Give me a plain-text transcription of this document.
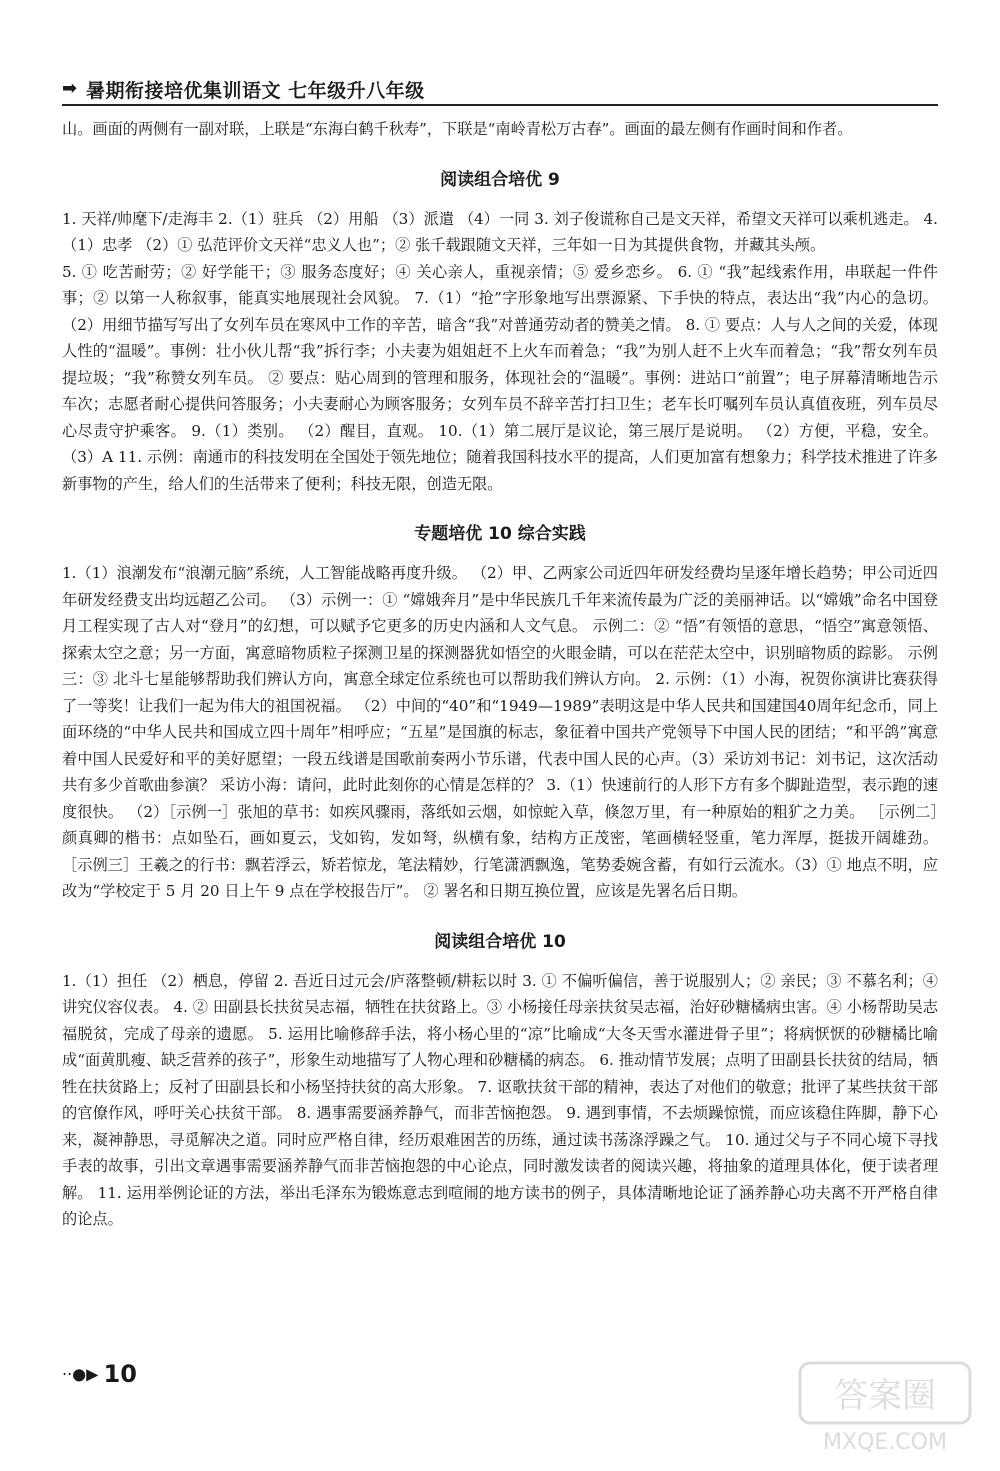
➡ 暑期衔接培优集训语文 七年级升八年级

山。画面的两侧有一副对联，上联是“东海白鹤千秋寿”，下联是“南岭青松万古春”。画面的最左侧有作画时间和作者。

阅读组合培优 9

1. 天祥/帅麾下/走海丰 2.（1）驻兵 （2）用船 （3）派遣 （4）一同 3. 刘子俊谎称自己是文天祥，希望文天祥可以乘机逃走。 4.（1）忠孝 （2）① 弘范评价文天祥“忠义人也”；② 张千载跟随文天祥，三年如一日为其提供食物，并藏其头颅。

5. ① 吃苦耐劳；② 好学能干；③ 服务态度好；④ 关心亲人，重视亲情；⑤ 爱乡恋乡。 6. ① “我”起线索作用，串联起一件件事；② 以第一人称叙事，能真实地展现社会风貌。 7.（1）“抢”字形象地写出票源紧、下手快的特点，表达出“我”内心的急切。（2）用细节描写写出了女列车员在寒风中工作的辛苦，暗含“我”对普通劳动者的赞美之情。 8. ① 要点：人与人之间的关爱，体现人性的“温暖”。事例：壮小伙儿帮“我”拆行李；小夫妻为姐姐赶不上火车而着急；“我”为别人赶不上火车而着急；“我”帮女列车员提垃圾；“我”称赞女列车员。 ② 要点：贴心周到的管理和服务，体现社会的“温暖”。事例：进站口“前置”；电子屏幕清晰地告示车次；志愿者耐心提供问答服务；小夫妻耐心为顾客服务；女列车员不辞辛苦打扫卫生；老车长叮嘱列车员认真值夜班，列车员尽心尽责守护乘客。 9.（1）类别。 （2）醒目，直观。 10.（1）第二展厅是议论，第三展厅是说明。 （2）方便，平稳，安全。（3）A 11. 示例：南通市的科技发明在全国处于领先地位；随着我国科技水平的提高，人们更加富有想象力；科学技术推进了许多新事物的产生，给人们的生活带来了便利；科技无限，创造无限。

专题培优 10 综合实践

1.（1）浪潮发布“浪潮元脑”系统，人工智能战略再度升级。 （2）甲、乙两家公司近四年研发经费均呈逐年增长趋势；甲公司近四年研发经费支出均远超乙公司。 （3）示例一：① “嫦娥奔月”是中华民族几千年来流传最为广泛的美丽神话。以“嫦娥”命名中国登月工程实现了古人对“登月”的幻想，可以赋予它更多的历史内涵和人文气息。 示例二：② “悟”有领悟的意思，“悟空”寓意领悟、探索太空之意；另一方面，寓意暗物质粒子探测卫星的探测器犹如悟空的火眼金睛，可以在茫茫太空中，识别暗物质的踪影。 示例三：③ 北斗七星能够帮助我们辨认方向，寓意全球定位系统也可以帮助我们辨认方向。 2. 示例：（1）小海，祝贺你演讲比赛获得了一等奖！让我们一起为伟大的祖国祝福。 （2）中间的“40”和“1949—1989”表明这是中华人民共和国建国40周年纪念币，同上面环绕的“中华人民共和国成立四十周年”相呼应；“五星”是国旗的标志，象征着中国共产党领导下中国人民的团结；“和平鸽”寓意着中国人民爱好和平的美好愿望；一段五线谱是国歌前奏两小节乐谱，代表中国人民的心声。（3）采访刘书记：刘书记，这次活动共有多少首歌曲参演？ 采访小海：请问，此时此刻你的心情是怎样的？ 3.（1）快速前行的人形下方有多个脚趾造型，表示跑的速度很快。 （2）［示例一］张旭的草书：如疾风骤雨，落纸如云烟，如惊蛇入草，倏忽万里，有一种原始的粗犷之力美。 ［示例二］颜真卿的楷书：点如坠石，画如夏云，戈如钩，发如弩，纵横有象，结构方正茂密，笔画横轻竖重，笔力浑厚，挺拔开阔雄劲。 ［示例三］王羲之的行书：飘若浮云，矫若惊龙，笔法精妙，行笔潇洒飘逸，笔势委婉含蓄，有如行云流水。（3）① 地点不明，应改为“学校定于 5 月 20 日上午 9 点在学校报告厅”。 ② 署名和日期互换位置，应该是先署名后日期。

阅读组合培优 10

1.（1）担任 （2）栖息，停留 2. 吾近日过元会/庐落整顿/耕耘以时 3. ① 不偏听偏信，善于说服别人；② 亲民；③ 不慕名利；④ 讲究仪容仪表。 4. ② 田副县长扶贫吴志福，牺牲在扶贫路上。③ 小杨接任母亲扶贫吴志福，治好砂糖橘病虫害。④ 小杨帮助吴志福脱贫，完成了母亲的遗愿。 5. 运用比喻修辞手法，将小杨心里的“凉”比喻成“大冬天雪水灌进骨子里”；将病恹恹的砂糖橘比喻成“面黄肌瘦、缺乏营养的孩子”，形象生动地描写了人物心理和砂糖橘的病态。 6. 推动情节发展；点明了田副县长扶贫的结局，牺牲在扶贫路上；反衬了田副县长和小杨坚持扶贫的高大形象。 7. 讴歌扶贫干部的精神，表达了对他们的敬意；批评了某些扶贫干部的官僚作风，呼吁关心扶贫干部。 8. 遇事需要涵养静气，而非苦恼抱怨。 9. 遇到事情，不去烦躁惊慌，而应该稳住阵脚，静下心来，凝神静思，寻觅解决之道。同时应严格自律，经历艰难困苦的历练，通过读书荡涤浮躁之气。 10. 通过父与子不同心境下寻找手表的故事，引出文章遇事需要涵养静气而非苦恼抱怨的中心论点，同时激发读者的阅读兴趣，将抽象的道理具体化，便于读者理解。 11. 运用举例论证的方法，举出毛泽东为锻炼意志到喧闹的地方读书的例子，具体清晰地论证了涵养静心功夫离不开严格自律的论点。

··●▶ 10
答案圈
MXQE.COM
